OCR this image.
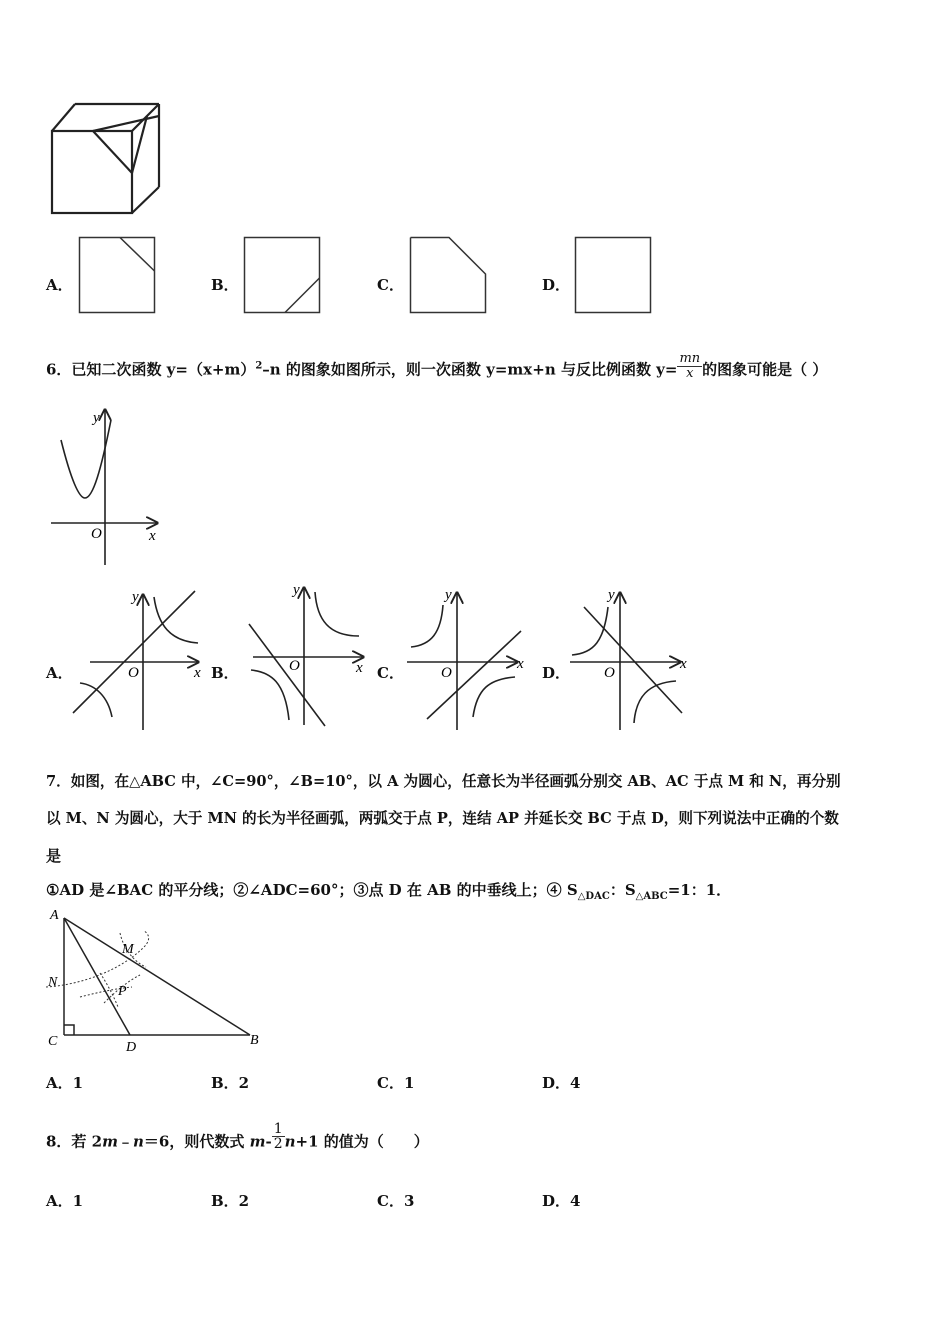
A．	B．	C．	D．
6．已知二次函数 $y=(x+m)^2-n$ 的图象如图所示，则一次函数 y=mx+n 与反比例函数 $y= \frac{mn}{x}$ 的图象可能是（ ）
y
O	x
A．
y
O	x B．
y
O	x C．
y
O
x D．
y
O
x
7．如图，在△ABC 中，∠C=90°，∠B=10°，以 A 为圆心，任意长为半径画弧分别交 AB、AC 于点 M 和 N，再分别
以 M、N 为圆心，大于 MN 的长为半径画弧，两弧交于点 P，连结 AP 并延长交 BC 于点 D，则下列说法中正确的个数
是
①AD 是∠BAC 的平分线；②∠ADC=60°；③点 D 在 AB 的中垂线上；④ $S_{\triangle DAC}$：$S_{\triangle ABC}=1$：1．
A
M
N
P
C	D	B
A．1	B．2	C．1	D．4
8．若 2m﹣n＝6，则代数式 $m- \frac{1}{2} n+1$ 的值为（　　）
A．1	B．2	C．3	D．4
